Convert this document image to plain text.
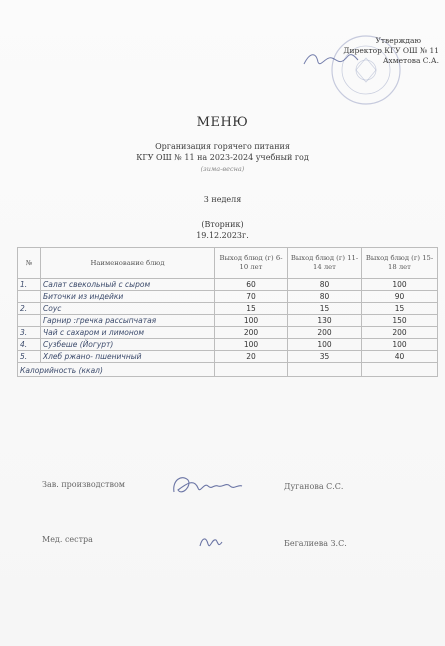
Утверждаю
Директор КГУ ОШ № 11
Ахметова С.А.
МЕНЮ
Организация горячего питания
КГУ ОШ № 11 на 2023-2024 учебный год
(зима-весна)
3 неделя
(Вторник)
19.12.2023г.
№	Наименование блюд	Выход блюд (г) 6-10 лет	Выход блюд (г) 11-14 лет	Выход блюд (г) 15-18 лет
1.	Салат свекольный с сыром	60	80	100
	Биточки из индейки	70	80	90
2.	Соус	15	15	15
	Гарнир :гречка рассыпчатая	100	130	150
3.	Чай с сахаром и лимоном	200	200	200
4.	Сузбеше (Йогурт)	100	100	100
5.	Хлеб ржано- пшеничный	20	35	40
Калорийность (ккал)				
Зав. производством	Дуганова С.С.
Мед. сестра	Бегалиева З.С.
